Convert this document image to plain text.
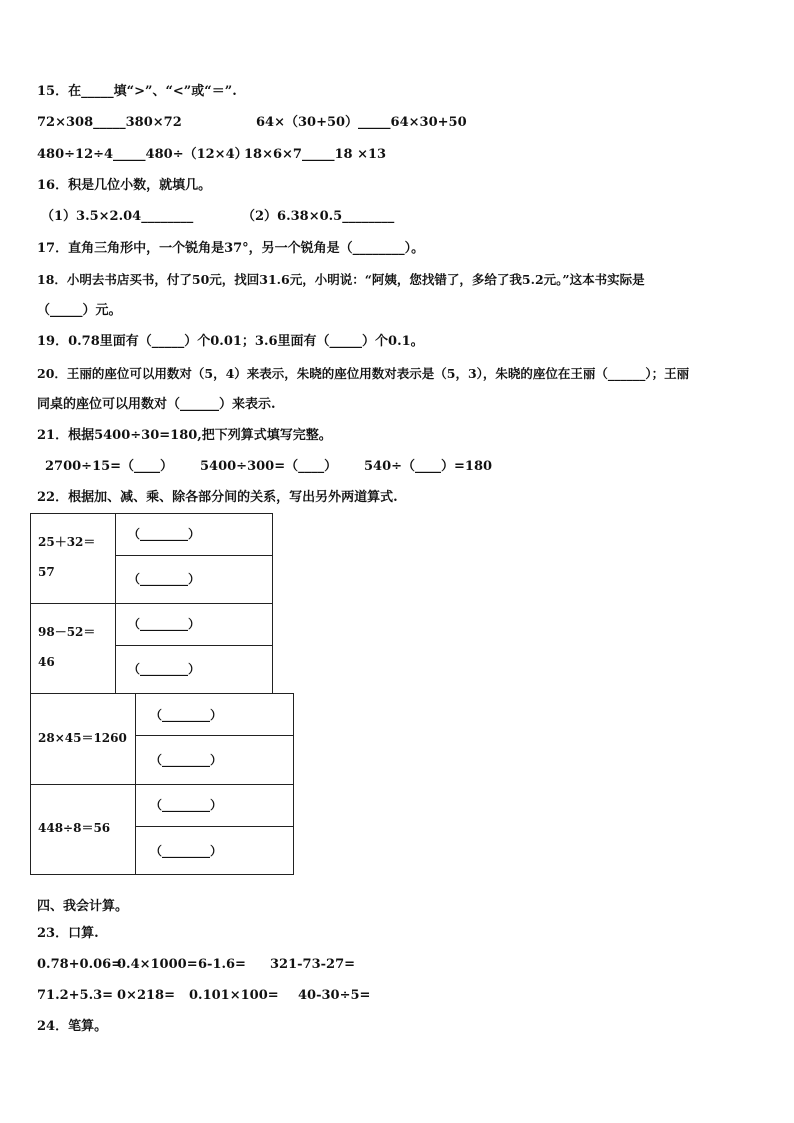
15．在_____填“>”、“<”或“＝”.
72×308_____380×72	64×（30+50）_____64×30+50
480÷12÷4_____480÷（12×4）
18×6×7_____18 ×13
16．积是几位小数，就填几。
（1）3.5×2.04________	（2）6.38×0.5________
17．直角三角形中，一个锐角是37°，另一个锐角是（________）。
18．小明去书店买书，付了50元，找回31.6元，小明说：“阿姨，您找错了，多给了我5.2元。”这本书实际是
（_____）元。
19．0.78里面有（_____）个0.01；3.6里面有（_____）个0.1。
20．王丽的座位可以用数对（5，4）来表示，朱晓的座位用数对表示是（5，3），朱晓的座位在王丽（______）；王丽
同桌的座位可以用数对（______）来表示.
21．根据5400÷30=180,把下列算式填写完整。
2700÷15=（____） 5400÷300=（____） 540÷（____）=180
22．根据加、减、乘、除各部分间的关系，写出另外两道算式.
25＋32＝
57
（________）
（________）
98－52＝
46
（________）
（________）
28×45＝1260
（________）
（________）
448÷8＝56
（________）
（________）
四、我会计算。
23．口算.
0.78+0.06=
0.4×1000= 6-1.6= 321-73-27=
71.2+5.3= 0×218= 0.101×100= 40-30÷5=
24．笔算。
